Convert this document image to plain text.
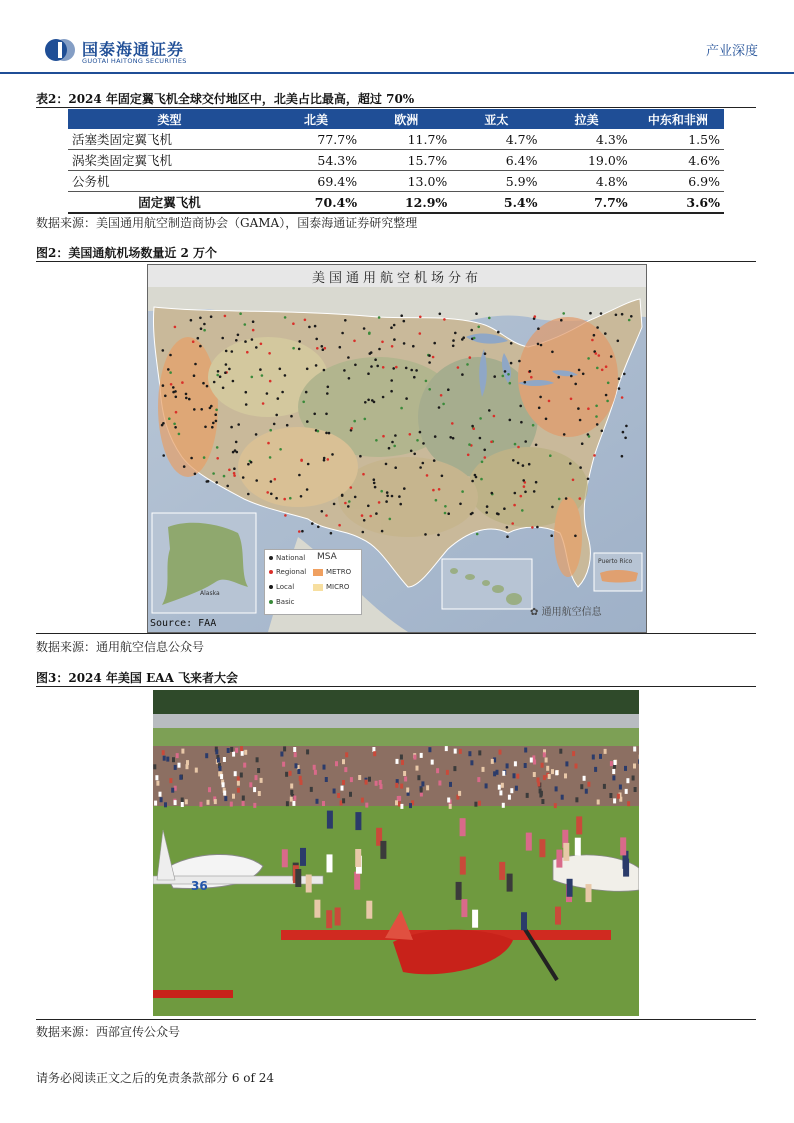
国泰海通证券
GUOTAI HAITONG SECURITIES
产业深度
表2：2024 年固定翼飞机全球交付地区中，北美占比最高，超过 70%
类型	北美	欧洲	亚太	拉美	中东和非洲
活塞类固定翼飞机	77.7%	11.7%	4.7%	4.3%	1.5%
涡桨类固定翼飞机	54.3%	15.7%	6.4%	19.0%	4.6%
公务机	69.4%	13.0%	5.9%	4.8%	6.9%
固定翼飞机	70.4%	12.9%	5.4%	7.7%	3.6%
数据来源：美国通用航空制造商协会（GAMA），国泰海通证券研究整理
图2：美国通航机场数量近 2 万个
美国通用航空机场分布
National MSA
Regional	METRO
Local	MICRO
Basic
Alaska
Puerto Rico
✿ 通用航空信息
Source: FAA
数据来源：通用航空信息公众号
图3：2024 年美国 EAA 飞来者大会
36
数据来源：西部宣传公众号
请务必阅读正文之后的免责条款部分 6 of 24
